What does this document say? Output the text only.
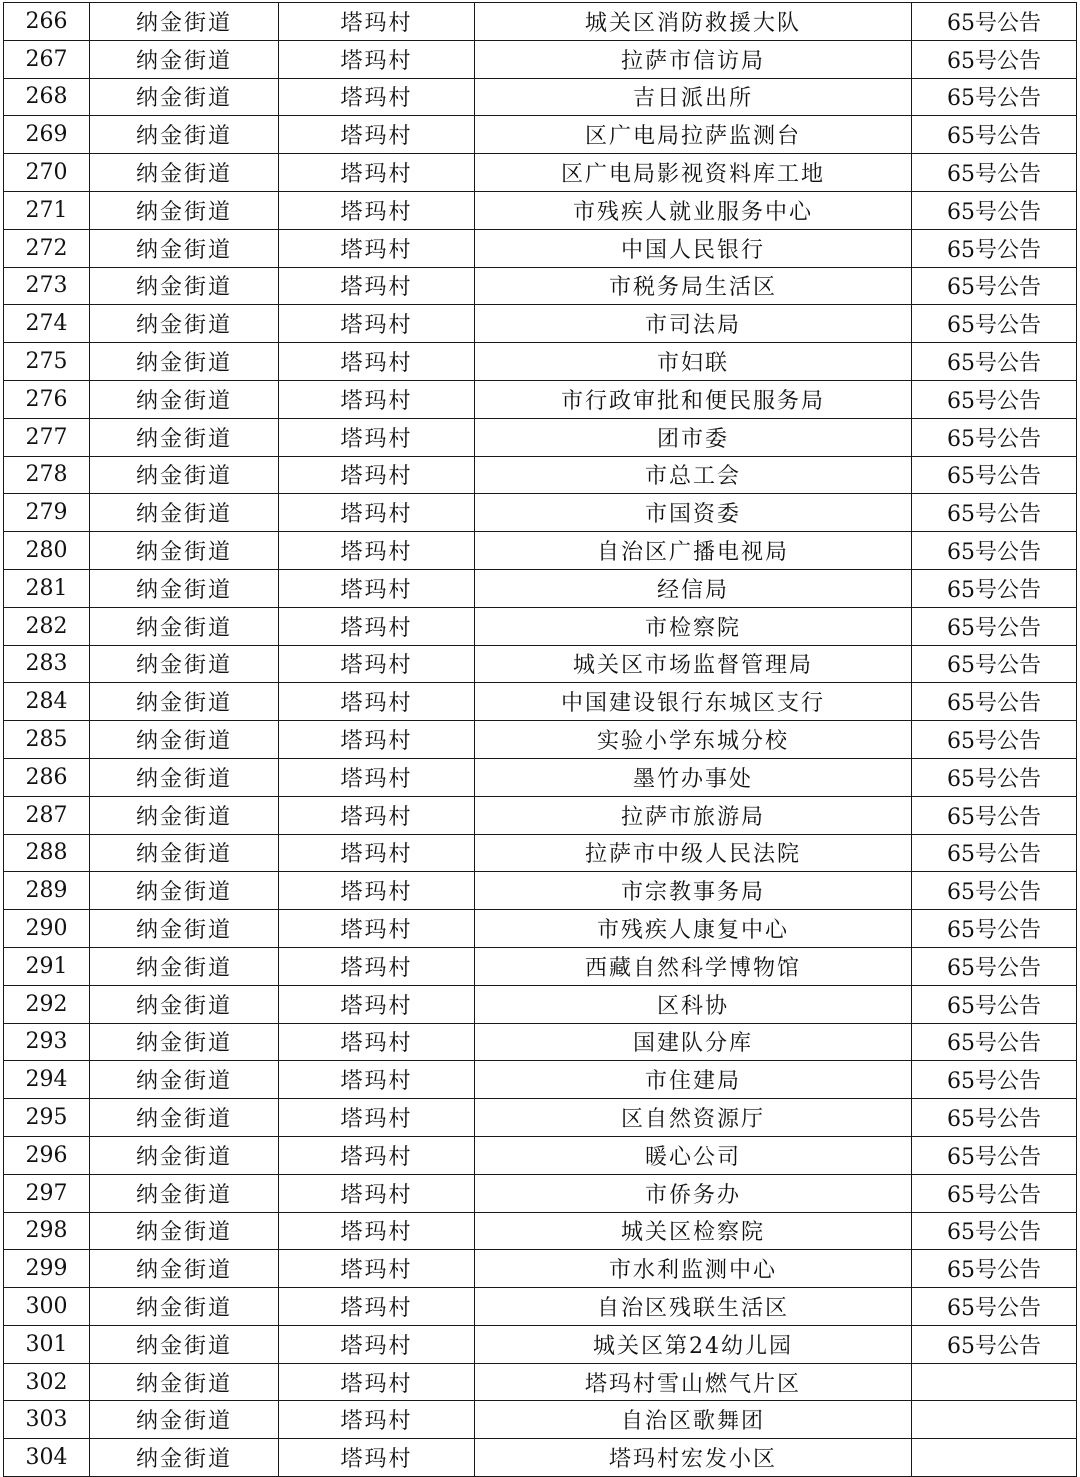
266	纳金街道	塔玛村	城关区消防救援大队	65号公告
267	纳金街道	塔玛村	拉萨市信访局	65号公告
268	纳金街道	塔玛村	吉日派出所	65号公告
269	纳金街道	塔玛村	区广电局拉萨监测台	65号公告
270	纳金街道	塔玛村	区广电局影视资料库工地	65号公告
271	纳金街道	塔玛村	市残疾人就业服务中心	65号公告
272	纳金街道	塔玛村	中国人民银行	65号公告
273	纳金街道	塔玛村	市税务局生活区	65号公告
274	纳金街道	塔玛村	市司法局	65号公告
275	纳金街道	塔玛村	市妇联	65号公告
276	纳金街道	塔玛村	市行政审批和便民服务局	65号公告
277	纳金街道	塔玛村	团市委	65号公告
278	纳金街道	塔玛村	市总工会	65号公告
279	纳金街道	塔玛村	市国资委	65号公告
280	纳金街道	塔玛村	自治区广播电视局	65号公告
281	纳金街道	塔玛村	经信局	65号公告
282	纳金街道	塔玛村	市检察院	65号公告
283	纳金街道	塔玛村	城关区市场监督管理局	65号公告
284	纳金街道	塔玛村	中国建设银行东城区支行	65号公告
285	纳金街道	塔玛村	实验小学东城分校	65号公告
286	纳金街道	塔玛村	墨竹办事处	65号公告
287	纳金街道	塔玛村	拉萨市旅游局	65号公告
288	纳金街道	塔玛村	拉萨市中级人民法院	65号公告
289	纳金街道	塔玛村	市宗教事务局	65号公告
290	纳金街道	塔玛村	市残疾人康复中心	65号公告
291	纳金街道	塔玛村	西藏自然科学博物馆	65号公告
292	纳金街道	塔玛村	区科协	65号公告
293	纳金街道	塔玛村	国建队分库	65号公告
294	纳金街道	塔玛村	市住建局	65号公告
295	纳金街道	塔玛村	区自然资源厅	65号公告
296	纳金街道	塔玛村	暖心公司	65号公告
297	纳金街道	塔玛村	市侨务办	65号公告
298	纳金街道	塔玛村	城关区检察院	65号公告
299	纳金街道	塔玛村	市水利监测中心	65号公告
300	纳金街道	塔玛村	自治区残联生活区	65号公告
301	纳金街道	塔玛村	城关区第24幼儿园	65号公告
302	纳金街道	塔玛村	塔玛村雪山燃气片区	
303	纳金街道	塔玛村	自治区歌舞团	
304	纳金街道	塔玛村	塔玛村宏发小区	
